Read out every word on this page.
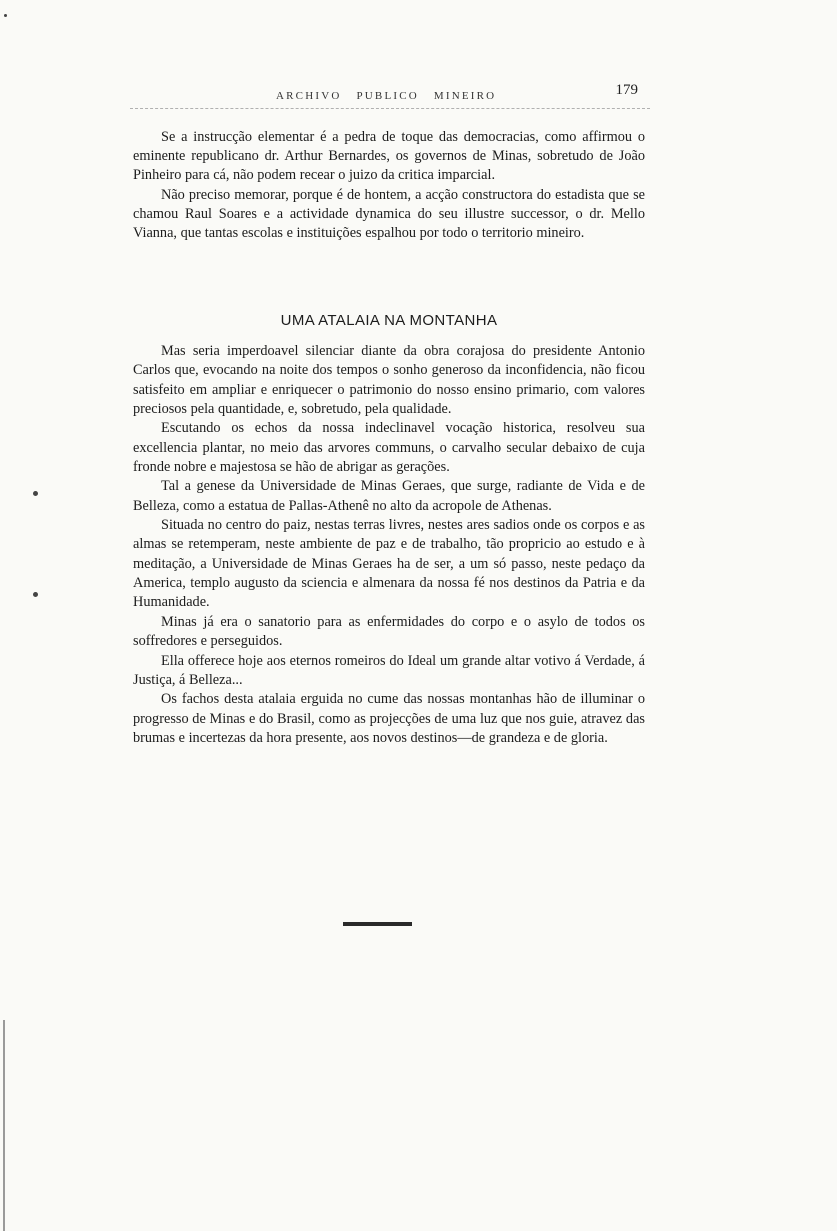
ARCHIVO PUBLICO MINEIRO	179

Se a instrucção elementar é a pedra de toque das democracias, como affirmou o eminente republicano dr. Arthur Bernardes, os governos de Minas, sobretudo de João Pinheiro para cá, não podem recear o juizo da critica imparcial.

Não preciso memorar, porque é de hontem, a acção constructora do estadista que se chamou Raul Soares e a actividade dynamica do seu illustre successor, o dr. Mello Vianna, que tantas escolas e instituições espalhou por todo o territorio mineiro.

UMA ATALAIA NA MONTANHA

Mas seria imperdoavel silenciar diante da obra corajosa do presidente Antonio Carlos que, evocando na noite dos tempos o sonho generoso da inconfidencia, não ficou satisfeito em ampliar e enriquecer o patrimonio do nosso ensino primario, com valores preciosos pela quantidade, e, sobretudo, pela qualidade.

Escutando os echos da nossa indeclinavel vocação historica, resolveu sua excellencia plantar, no meio das arvores communs, o carvalho secular debaixo de cuja fronde nobre e majestosa se hão de abrigar as gerações.

Tal a genese da Universidade de Minas Geraes, que surge, radiante de Vida e de Belleza, como a estatua de Pallas-Athenê no alto da acropole de Athenas.

Situada no centro do paiz, nestas terras livres, nestes ares sadios onde os corpos e as almas se retemperam, neste ambiente de paz e de trabalho, tão propricio ao estudo e à meditação, a Universidade de Minas Geraes ha de ser, a um só passo, neste pedaço da America, templo augusto da sciencia e almenara da nossa fé nos destinos da Patria e da Humanidade.

Minas já era o sanatorio para as enfermidades do corpo e o asylo de todos os soffredores e perseguidos.

Ella offerece hoje aos eternos romeiros do Ideal um grande altar votivo á Verdade, á Justiça, á Belleza...

Os fachos desta atalaia erguida no cume das nossas montanhas hão de illuminar o progresso de Minas e do Brasil, como as projecções de uma luz que nos guie, atravez das brumas e incertezas da hora presente, aos novos destinos—de grandeza e de gloria.
